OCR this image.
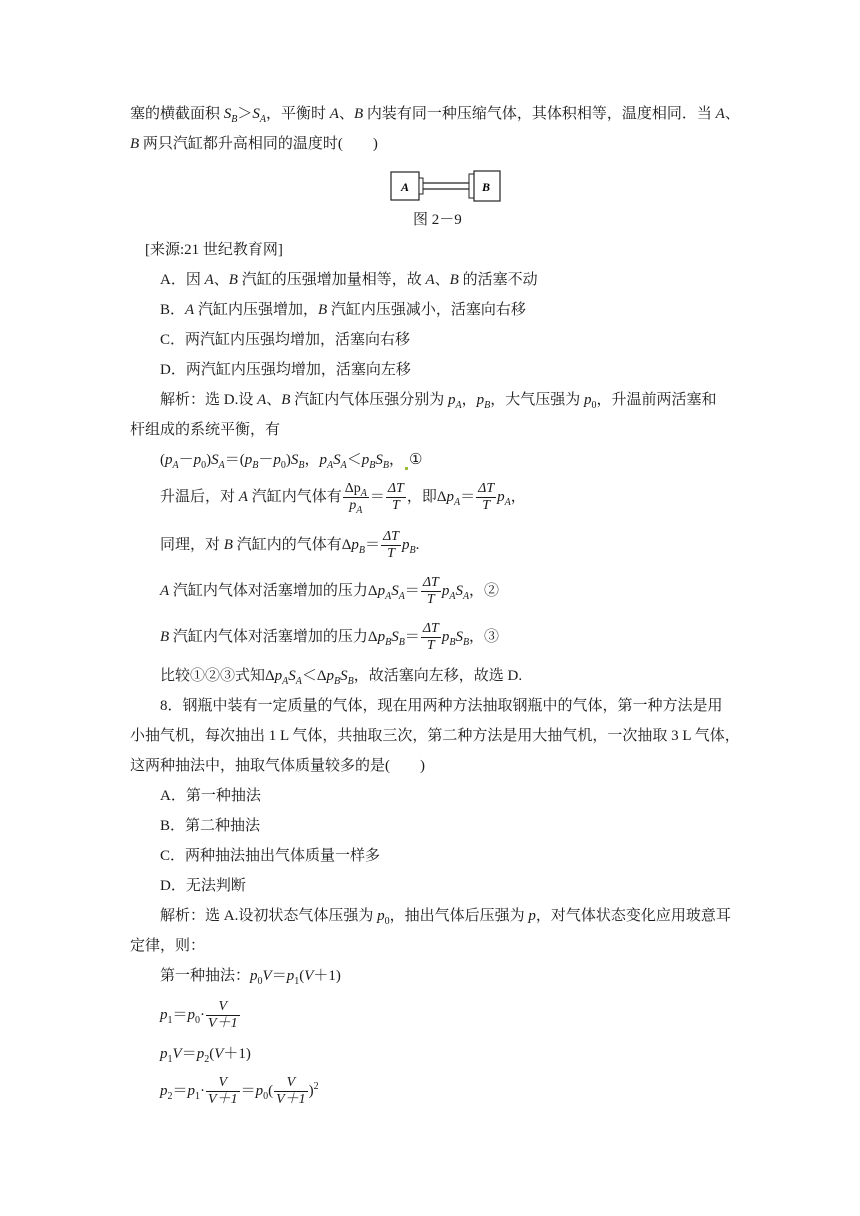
塞的横截面积 $S_B>S_A$，平衡时 A、B 内装有同一种压缩气体，其体积相等，温度相同．当 A、
B 两只汽缸都升高相同的温度时(　　)
A	B
图 2－9
[来源:21 世纪教育网]
A．因 A、B 汽缸的压强增加量相等，故 A、B 的活塞不动
B．A 汽缸内压强增加，B 汽缸内压强减小，活塞向右移
C．两汽缸内压强均增加，活塞向右移
D．两汽缸内压强均增加，活塞向左移
解析：选 D.设 A、B 汽缸内气体压强分别为 $p_A$，$p_B$，大气压强为 $p_0$，升温前两活塞和
杆组成的系统平衡，有
$(p_A-p_0)S_A=(p_B-p_0)S_B$，$p_AS_A<p_BS_B$， ①
升温后，对 A 汽缸内气体有 $\frac{\Delta p_A}{p_A} = \frac{\Delta T}{T}$ ，即$\Delta p_A= \frac{\Delta T}{T} p_A$，
同理，对 B 汽缸内的气体有$\Delta p_B= \frac{\Delta T}{T} p_B$.
A 汽缸内气体对活塞增加的压力$\Delta p_AS_A= \frac{\Delta T}{T} p_AS_A$，②
B 汽缸内气体对活塞增加的压力$\Delta p_BS_B= \frac{\Delta T}{T} p_BS_B$，③
比较①②③式知$\Delta p_AS_A<\Delta p_BS_B$，故活塞向左移，故选 D.
8．钢瓶中装有一定质量的气体，现在用两种方法抽取钢瓶中的气体，第一种方法是用
小抽气机，每次抽出 1 L 气体，共抽取三次，第二种方法是用大抽气机，一次抽取 3 L 气体，
这两种抽法中，抽取气体质量较多的是(　　)
A．第一种抽法
B．第二种抽法
C．两种抽法抽出气体质量一样多
D．无法判断
解析：选 A.设初状态气体压强为 $p_0$，抽出气体后压强为 p，对气体状态变化应用玻意耳
定律，则：
第一种抽法：$p_0V=p_1(V+1)$
$p_1=p_0\cdot \frac{V}{V+1}$
$p_1V=p_2(V+1)$
$p_2=p_1\cdot \frac{V}{V+1} =p_0( \frac{V}{V+1} )^2$
